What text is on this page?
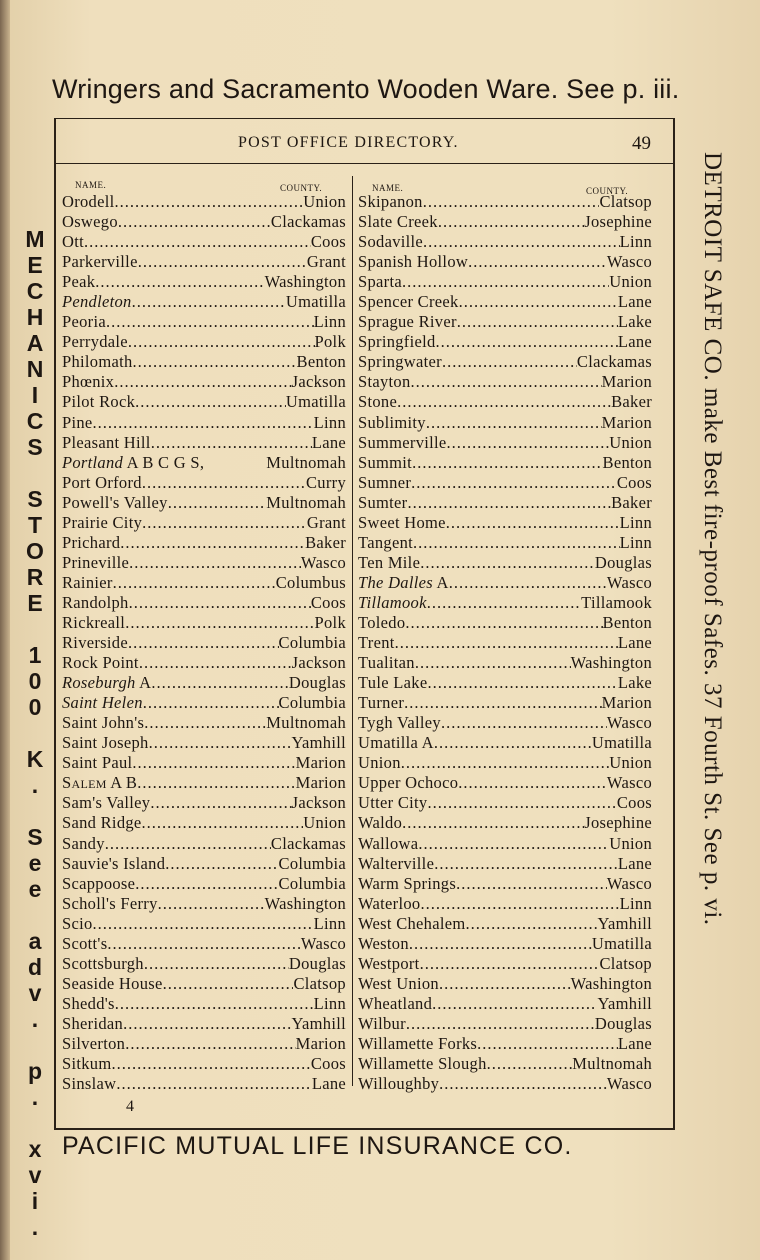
Wringers and Sacramento Wooden Ware. See p. iii.
M
E
C
H
A
N
I
C
S

S
T
O
R
E

1
0
0

K
.

S
e
e

a
d
v
.

p
.

x
v
i
.
DETROIT SAFE CO. make Best fire-proof Safes. 37 Fourth St. See p. vi.
POST OFFICE DIRECTORY.	49
NAME.	COUNTY.	NAME.	COUNTY.
Orodell .....	Union
Oswego .....	Clackamas
Ott .....	Coos
Parkerville .....	Grant
Peak .....	Washington
Pendleton .....	Umatilla
Peoria .....	Linn
Perrydale .....	Polk
Philomath .....	Benton
Phœnix .....	Jackson
Pilot Rock .....	Umatilla
Pine .....	Linn
Pleasant Hill .....	Lane
Portland A B C G S,	Multnomah
Port Orford .....	Curry
Powell's Valley .....	Multnomah
Prairie City .....	Grant
Prichard .....	Baker
Prineville .....	Wasco
Rainier .....	Columbus
Randolph .....	Coos
Rickreall .....	Polk
Riverside .....	Columbia
Rock Point .....	Jackson
Roseburgh A .....	Douglas
Saint Helen .....	Columbia
Saint John's .....	Multnomah
Saint Joseph .....	Yamhill
Saint Paul .....	Marion
Salem A B .....	Marion
Sam's Valley .....	Jackson
Sand Ridge .....	Union
Sandy .....	Clackamas
Sauvie's Island .....	Columbia
Scappoose .....	Columbia
Scholl's Ferry .....	Washington
Scio .....	Linn
Scott's .....	Wasco
Scottsburgh .....	Douglas
Seaside House .....	Clatsop
Shedd's .....	Linn
Sheridan .....	Yamhill
Silverton .....	Marion
Sitkum .....	Coos
Sinslaw .....	Lane
Skipanon .....	Clatsop
Slate Creek .....	Josephine
Sodaville .....	Linn
Spanish Hollow .....	Wasco
Sparta .....	Union
Spencer Creek .....	Lane
Sprague River .....	Lake
Springfield .....	Lane
Springwater .....	Clackamas
Stayton .....	Marion
Stone .....	Baker
Sublimity .....	Marion
Summerville .....	Union
Summit .....	Benton
Sumner .....	Coos
Sumter .....	Baker
Sweet Home .....	Linn
Tangent .....	Linn
Ten Mile .....	Douglas
The Dalles A .....	Wasco
Tillamook .....	Tillamook
Toledo .....	Benton
Trent .....	Lane
Tualitan .....	Washington
Tule Lake .....	Lake
Turner .....	Marion
Tygh Valley .....	Wasco
Umatilla A .....	Umatilla
Union .....	Union
Upper Ochoco .....	Wasco
Utter City .....	Coos
Waldo .....	Josephine
Wallowa .....	Union
Walterville .....	Lane
Warm Springs .....	Wasco
Waterloo .....	Linn
West Chehalem .....	Yamhill
Weston .....	Umatilla
Westport .....	Clatsop
West Union .....	Washington
Wheatland .....	Yamhill
Wilbur .....	Douglas
Willamette Forks .....	Lane
Willamette Slough .....	Multnomah
Willoughby .....	Wasco
4
PACIFIC MUTUAL LIFE INSURANCE CO.
